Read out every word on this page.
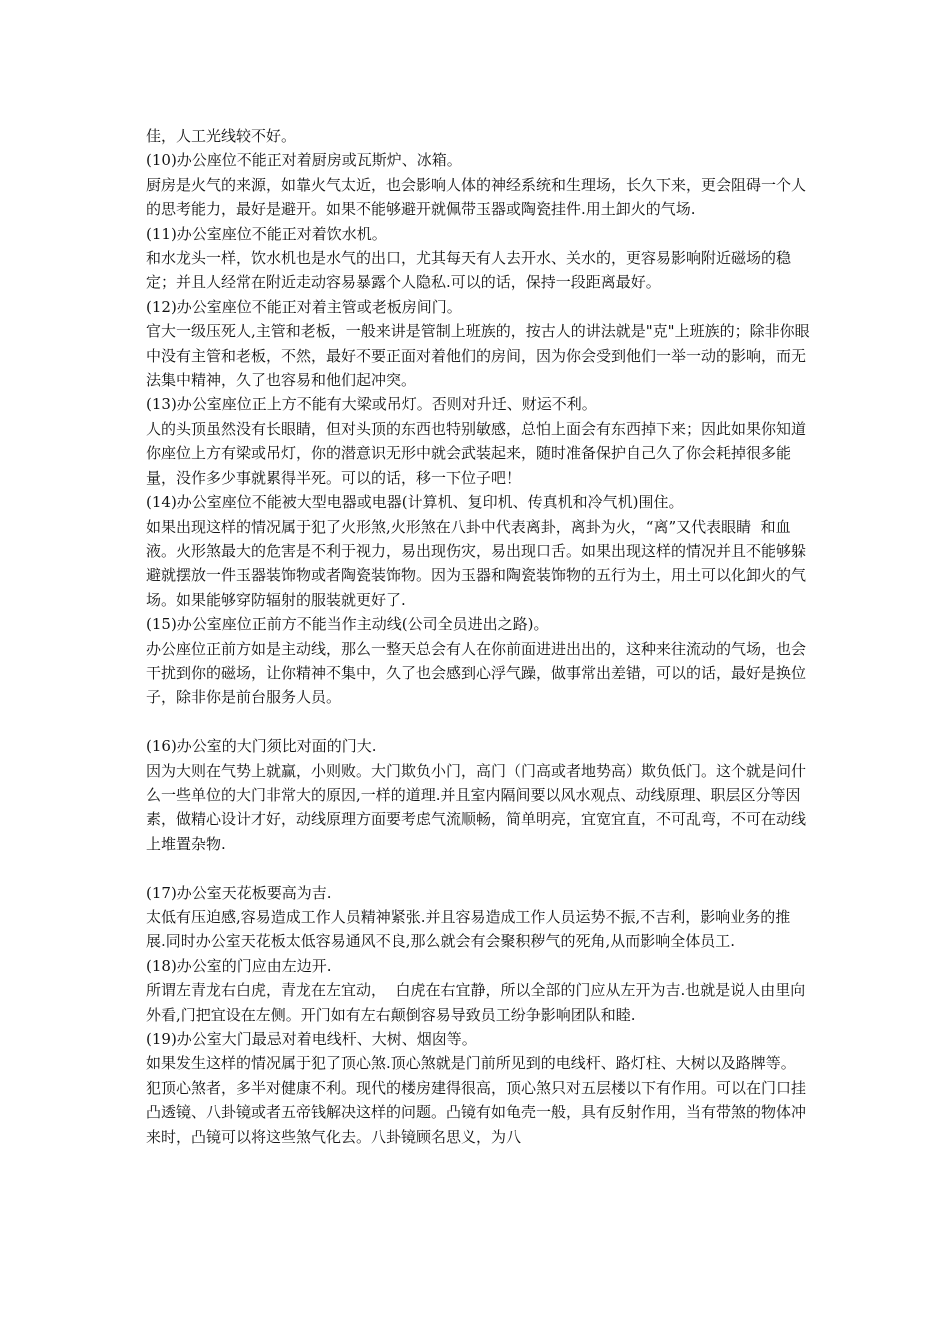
佳，人工光线较不好。

(10)办公座位不能正对着厨房或瓦斯炉、冰箱。

厨房是火气的来源，如靠火气太近，也会影响人体的神经系统和生理场，长久下来，更会阻碍一个人的思考能力，最好是避开。如果不能够避开就佩带玉器或陶瓷挂件.用土卸火的气场.

(11)办公室座位不能正对着饮水机。

和水龙头一样，饮水机也是水气的出口，尤其每天有人去开水、关水的，更容易影响附近磁场的稳定；并且人经常在附近走动容易暴露个人隐私.可以的话，保持一段距离最好。

(12)办公室座位不能正对着主管或老板房间门。

官大一级压死人,主管和老板，一般来讲是管制上班族的，按古人的讲法就是"克"上班族的；除非你眼中没有主管和老板，不然，最好不要正面对着他们的房间，因为你会受到他们一举一动的影响，而无法集中精神，久了也容易和他们起冲突。

(13)办公室座位正上方不能有大梁或吊灯。否则对升迁、财运不利。

人的头顶虽然没有长眼睛，但对头顶的东西也特别敏感，总怕上面会有东西掉下来；因此如果你知道你座位上方有梁或吊灯，你的潜意识无形中就会武装起来，随时准备保护自己久了你会耗掉很多能量，没作多少事就累得半死。可以的话，移一下位子吧！

(14)办公室座位不能被大型电器或电器(计算机、复印机、传真机和冷气机)围住。

如果出现这样的情况属于犯了火形煞,火形煞在八卦中代表离卦，离卦为火，“离”又代表眼睛  和血液。火形煞最大的危害是不利于视力，易出现伤灾，易出现口舌。如果出现这样的情况并且不能够躲避就摆放一件玉器装饰物或者陶瓷装饰物。因为玉器和陶瓷装饰物的五行为土，用土可以化卸火的气场。如果能够穿防辐射的服装就更好了.

(15)办公室座位正前方不能当作主动线(公司全员进出之路)。

办公座位正前方如是主动线，那么一整天总会有人在你前面进进出出的，这种来往流动的气场，也会干扰到你的磁场，让你精神不集中，久了也会感到心浮气躁，做事常出差错，可以的话，最好是换位子，除非你是前台服务人员。

(16)办公室的大门须比对面的门大.

因为大则在气势上就赢，小则败。大门欺负小门，高门（门高或者地势高）欺负低门。这个就是问什么一些单位的大门非常大的原因,一样的道理.并且室内隔间要以风水观点、动线原理、职层区分等因素，做精心设计才好，动线原理方面要考虑气流顺畅，简单明亮，宜宽宜直，不可乱弯，不可在动线上堆置杂物.

(17)办公室天花板要高为吉.

太低有压迫感,容易造成工作人员精神紧张.并且容易造成工作人员运势不振,不吉利，影响业务的推展.同时办公室天花板太低容易通风不良,那么就会有会聚积秽气的死角,从而影响全体员工.

(18)办公室的门应由左边开.

所谓左青龙右白虎，青龙在左宜动，  白虎在右宜静，所以全部的门应从左开为吉.也就是说人由里向外看,门把宜设在左侧。开门如有左右颠倒容易导致员工纷争影响团队和睦.

(19)办公室大门最忌对着电线杆、大树、烟囱等。

如果发生这样的情况属于犯了顶心煞.顶心煞就是门前所见到的电线杆、路灯柱、大树以及路牌等。犯顶心煞者，多半对健康不利。现代的楼房建得很高，顶心煞只对五层楼以下有作用。可以在门口挂凸透镜、八卦镜或者五帝钱解决这样的问题。凸镜有如龟壳一般，具有反射作用，当有带煞的物体冲来时，凸镜可以将这些煞气化去。八卦镜顾名思义，为八
